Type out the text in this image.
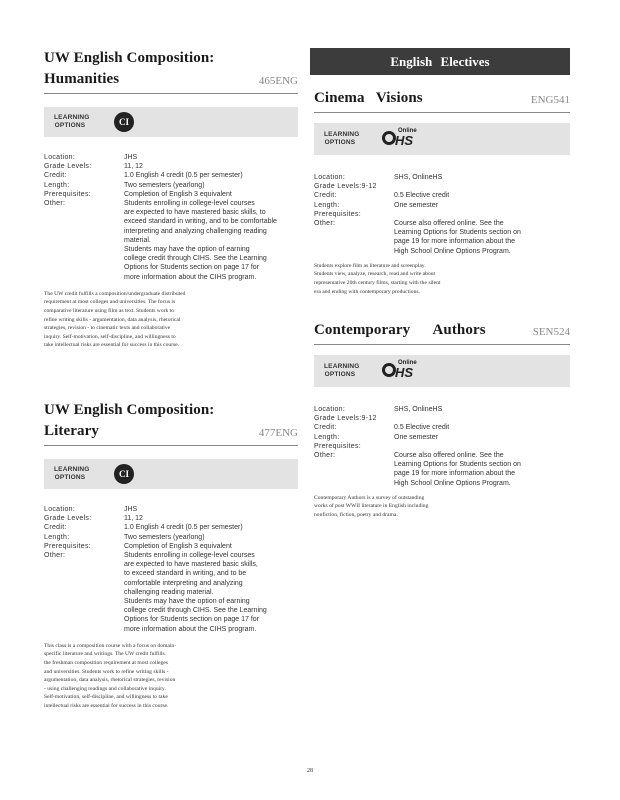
UW English Composition:
Humanities	465ENG
LEARNING
OPTIONS	CI
Location:	JHS
Grade Levels:	11, 12
Credit:	1.0 English 4 credit (0.5 per semester)
Length:	Two semesters (yearlong)
Prerequisites:	Completion of English 3 equivalent
Other:	Students enrolling in college-level courses
are expected to have mastered basic skills, to
exceed standard in writing, and to be comfortable
interpreting and analyzing challenging reading
material.
Students may have the option of earning
college credit through CIHS. See the Learning
Options for Students section on page 17 for
more information about the CIHS program.
The UW credit fulfills a composition/undergraduate distributed
requirement at most colleges and universities. The focus is
comparative literature using film as text. Students work to
refine writing skills - argumentation, data analysis, rhetorical
strategies, revision - to cinematic texts and collaborative
inquiry. Self-motivation, self-discipline, and willingness to
take intellectual risks are essential for success in this course.
UW English Composition:
Literary	477ENG
LEARNING
OPTIONS	CI
Location:	JHS
Grade Levels:	11, 12
Credit:	1.0 English 4 credit (0.5 per semester)
Length:	Two semesters (yearlong)
Prerequisites:	Completion of English 3 equivalent
Other:	Students enrolling in college-level courses
are expected to have mastered basic skills,
to exceed standard in writing, and to be
comfortable interpreting and analyzing
challenging reading material.
Students may have the option of earning
college credit through CIHS. See the Learning
Options for Students section on page 17 for
more information about the CIHS program.
This class is a composition course with a focus on domain-
specific literature and writings. The UW credit fulfills
the freshman composition requirement at most colleges
and universities. Students work to refine writing skills -
argumentation, data analysis, rhetorical strategies, revision
- using challenging readings and collaborative inquiry.
Self-motivation, self-discipline, and willingness to take
intellectual risks are essential for success in this course.
English Electives
Cinema   Visions	ENG541
LEARNING
OPTIONS
Online
HS
Location:	SHS, OnlineHS
Grade Levels:9-12
Credit:	0.5 Elective credit
Length:	One semester
Prerequisites:
Other:	Course also offered online. See the
Learning Options for Students section on
page 19 for more information about the
High School Online Options Program.
Students explore film as literature and screenplay.
Students view, analyze, research, read and write about
representative 20th century films, starting with the silent
era and ending with contemporary productions.
Contemporary      Authors	SEN524
LEARNING
OPTIONS
Online
HS
Location:	SHS, OnlineHS
Grade Levels:9-12
Credit:	0.5 Elective credit
Length:	One semester
Prerequisites:
Other:	Course also offered online. See the
Learning Options for Students section on
page 19 for more information about the
High School Online Options Program.
Contemporary Authors is a survey of outstanding
works of post WWII literature in English including
nonfiction, fiction, poetry and drama.
28
